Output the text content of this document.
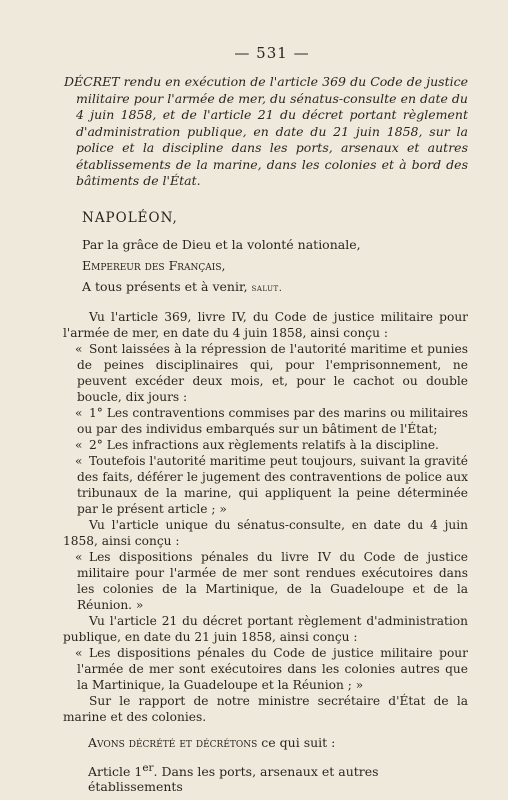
— 531 —

DÉCRET rendu en exécution de l'article 369 du Code de justice militaire pour l'armée de mer, du sénatus-consulte en date du 4 juin 1858, et de l'article 21 du décret portant règlement d'administration publique, en date du 21 juin 1858, sur la police et la discipline dans les ports, arsenaux et autres établissements de la marine, dans les colonies et à bord des bâtiments de l'État.

NAPOLÉON,
Par la grâce de Dieu et la volonté nationale,
Empereur des Français,
A tous présents et à venir, salut.

Vu l'article 369, livre IV, du Code de justice militaire pour l'armée de mer, en date du 4 juin 1858, ainsi conçu :

« Sont laissées à la répression de l'autorité maritime et punies de peines disciplinaires qui, pour l'emprisonnement, ne peuvent excéder deux mois, et, pour le cachot ou double boucle, dix jours :

« 1° Les contraventions commises par des marins ou militaires ou par des individus embarqués sur un bâtiment de l'État;

« 2° Les infractions aux règlements relatifs à la discipline.

« Toutefois l'autorité maritime peut toujours, suivant la gravité des faits, déférer le jugement des contraventions de police aux tribunaux de la marine, qui appliquent la peine déterminée par le présent article ; »

Vu l'article unique du sénatus-consulte, en date du 4 juin 1858, ainsi conçu :

« Les dispositions pénales du livre IV du Code de justice militaire pour l'armée de mer sont rendues exécutoires dans les colonies de la Martinique, de la Guadeloupe et de la Réunion. »

Vu l'article 21 du décret portant règlement d'administration publique, en date du 21 juin 1858, ainsi conçu :

« Les dispositions pénales du Code de justice militaire pour l'armée de mer sont exécutoires dans les colonies autres que la Martinique, la Guadeloupe et la Réunion ; »

Sur le rapport de notre ministre secrétaire d'État de la marine et des colonies.

Avons décrété et décrétons ce qui suit :
Article 1er. Dans les ports, arsenaux et autres établissements
